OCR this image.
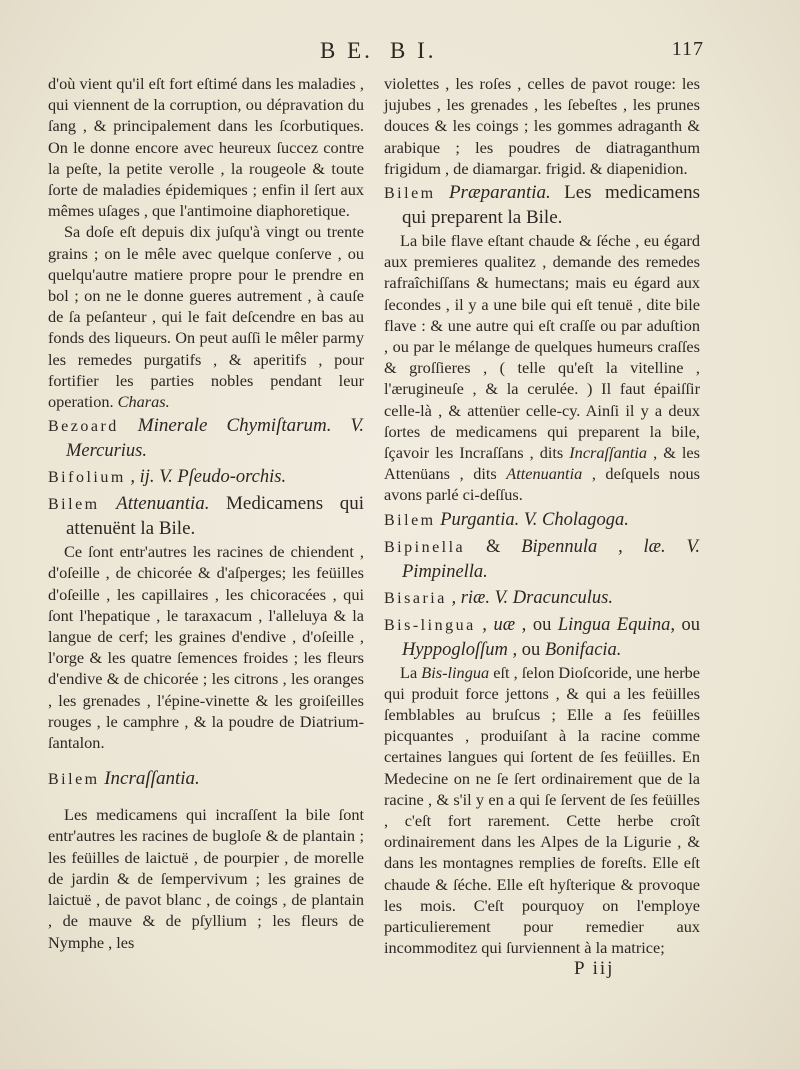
B E. B I.	117

d'où vient qu'il eſt fort eſtimé dans les maladies , qui viennent de la corruption, ou dépravation du ſang , & principalement dans les ſcorbutiques. On le donne encore avec heureux ſuccez contre la peſte, la petite verolle , la rougeole & toute ſorte de maladies épidemiques ; enfin il ſert aux mêmes uſages , que l'antimoine diaphoretique.

Sa doſe eſt depuis dix juſqu'à vingt ou trente grains ; on le mêle avec quelque conſerve , ou quelqu'autre matiere propre pour le prendre en bol ; on ne le donne gueres autrement , à cauſe de ſa peſanteur , qui le fait deſcendre en bas au fonds des liqueurs. On peut auſſi le mêler parmy les remedes purgatifs , & aperitifs , pour fortifier les parties nobles pendant leur operation. Charas.

Bezoard Minerale Chymiſtarum. V. Mercurius.
Bifolium , ij. V. Pſeudo-orchis.
Bilem Attenuantia. Medicamens qui attenuënt la Bile.

Ce ſont entr'autres les racines de chiendent , d'oſeille , de chicorée & d'aſperges; les feüilles d'oſeille , les capillaires , les chicoracées , qui ſont l'hepatique , le taraxacum , l'alleluya & la langue de cerf; les graines d'endive , d'oſeille , l'orge & les quatre ſemences froides ; les fleurs d'endive & de chicorée ; les citrons , les oranges , les grenades , l'épine-vinette & les groiſeilles rouges , le camphre , & la poudre de Diatrium-ſantalon.

Bilem Incraſſantia.

Les medicamens qui incraſſent la bile ſont entr'autres les racines de bugloſe & de plantain ; les feüilles de laictuë , de pourpier , de morelle de jardin & de ſempervivum ; les graines de laictuë , de pavot blanc , de coings , de plantain , de mauve & de pſyllium ; les fleurs de Nymphe , les

violettes , les roſes , celles de pavot rouge: les jujubes , les grenades , les ſebeſtes , les prunes douces & les coings ; les gommes adraganth & arabique ; les poudres de diatraganthum frigidum , de diamargar. frigid. & diapenidion.

Bilem Præparantia. Les medicamens qui preparent la Bile.

La bile flave eſtant chaude & ſéche , eu égard aux premieres qualitez , demande des remedes rafraîchiſſans & humectans; mais eu égard aux ſecondes , il y a une bile qui eſt tenuë , dite bile flave : & une autre qui eſt craſſe ou par aduſtion , ou par le mélange de quelques humeurs craſſes & groſſieres , ( telle qu'eſt la vitelline , l'ærugineuſe , & la cerulée. ) Il faut épaiſſir celle-là , & attenüer celle-cy. Ainſi il y a deux ſortes de medicamens qui preparent la bile, ſçavoir les Incraſſans , dits Incraſſantia , & les Attenüans , dits Attenuantia , deſquels nous avons parlé ci-deſſus.

Bilem Purgantia. V. Cholagoga.
Bipinella & Bipennula , læ. V. Pimpinella.
Bisaria , riæ. V. Dracunculus.
Bis-lingua , uæ , ou Lingua Equina, ou Hyppogloſſum , ou Bonifacia.

La Bis-lingua eſt , ſelon Dioſcoride, une herbe qui produit force jettons , & qui a les feüilles ſemblables au bruſcus ; Elle a ſes feüilles picquantes , produiſant à la racine comme certaines langues qui ſortent de ſes feüilles. En Medecine on ne ſe ſert ordinairement que de la racine , & s'il y en a qui ſe ſervent de ſes feüilles , c'eſt fort rarement. Cette herbe croît ordinairement dans les Alpes de la Ligurie , & dans les montagnes remplies de foreſts. Elle eſt chaude & ſéche. Elle eſt hyſterique & provoque les mois. C'eſt pourquoy on l'employe particulierement pour remedier aux incommoditez qui ſurviennent à la matrice;

P iij
